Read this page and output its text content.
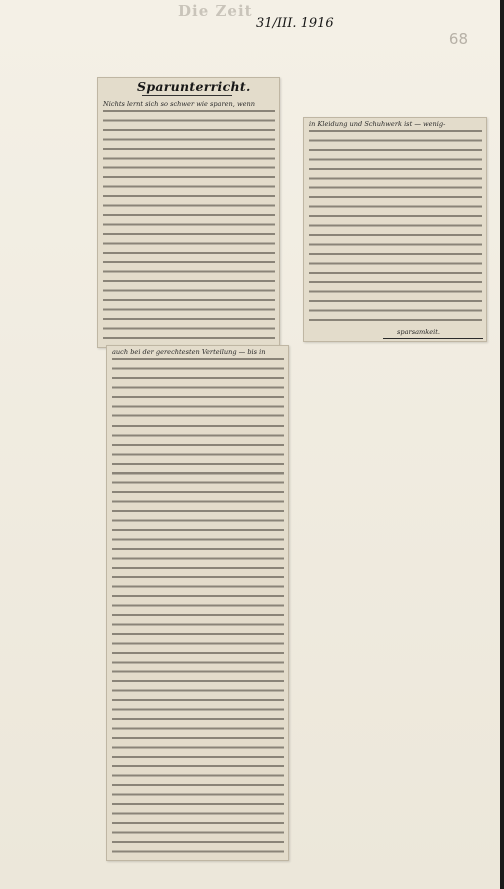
Die Zeit
31/III. 1916
68
Sparunterricht.
Nichts lernt sich so schwer wie sparen, wenn
auch bei der gerechtesten Verteilung — bis in
in Kleidung und Schuhwerk ist — wenig-
sparsamkeit.
